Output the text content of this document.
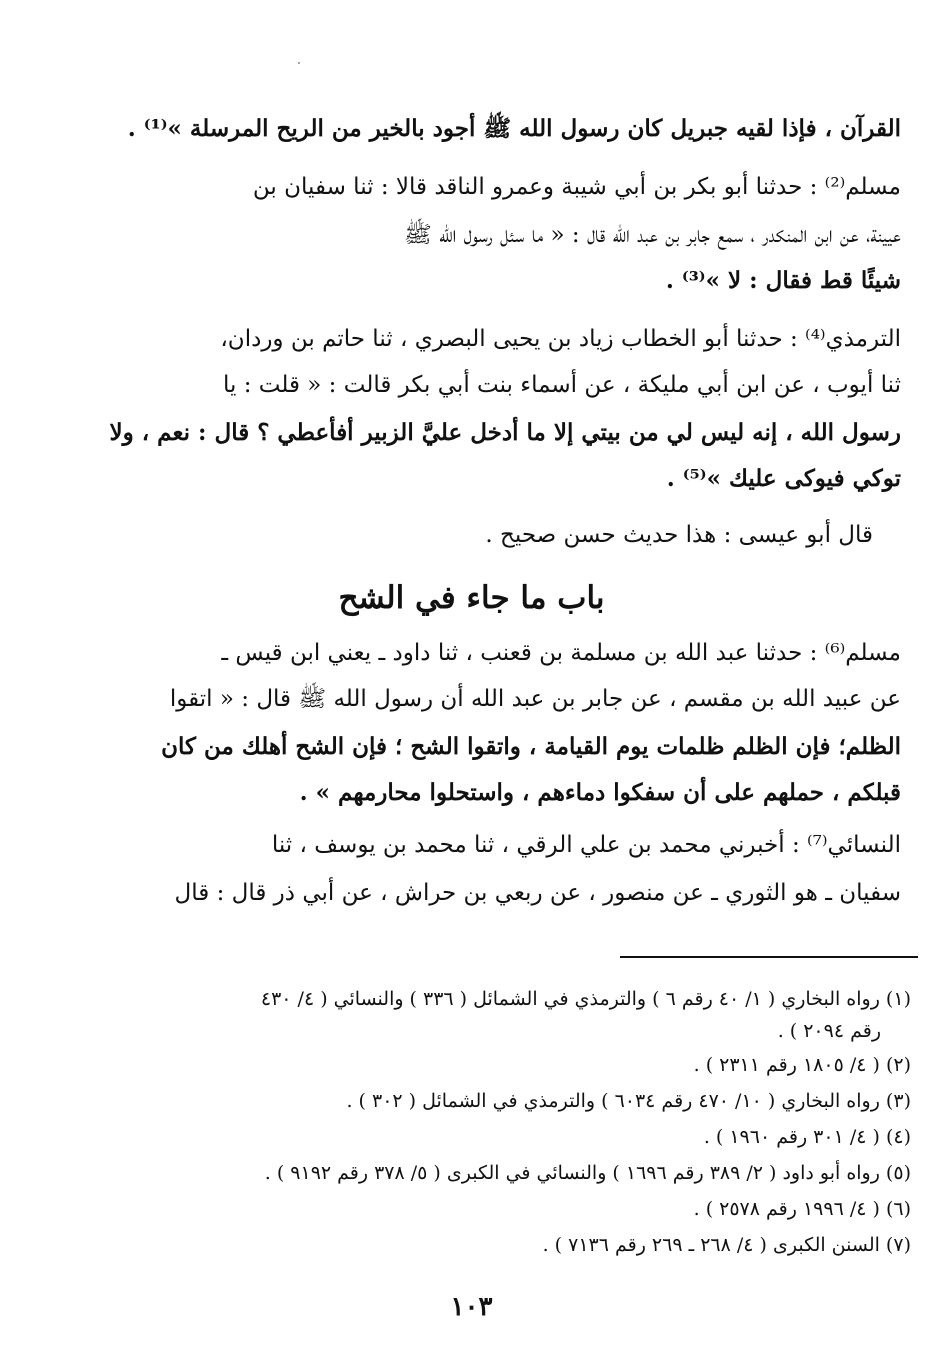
القرآن ، فإذا لقيه جبريل كان رسول الله ﷺ أجود بالخير من الريح المرسلة »⁽¹⁾ .
مسلم⁽²⁾ : حدثنا أبو بكر بن أبي شيبة وعمرو الناقد قالا : ثنا سفيان بن
عيينة، عن ابن المنكدر ، سمع جابر بن عبد الله قال : « ما سئل رسول الله ﷺ
شيئًا قط فقال : لا »⁽³⁾ .
الترمذي⁽⁴⁾ : حدثنا أبو الخطاب زياد بن يحيى البصري ، ثنا حاتم بن وردان،
ثنا أيوب ، عن ابن أبي مليكة ، عن أسماء بنت أبي بكر قالت : « قلت : يا
رسول الله ، إنه ليس لي من بيتي إلا ما أدخل عليَّ الزبير أفأعطي ؟ قال : نعم ، ولا
توكي فيوكى عليك »⁽⁵⁾ .
قال أبو عيسى : هذا حديث حسن صحيح .
باب ما جاء في الشح
مسلم⁽⁶⁾ : حدثنا عبد الله بن مسلمة بن قعنب ، ثنا داود ـ يعني ابن قيس ـ
عن عبيد الله بن مقسم ، عن جابر بن عبد الله أن رسول الله ﷺ قال : « اتقوا
الظلم؛ فإن الظلم ظلمات يوم القيامة ، واتقوا الشح ؛ فإن الشح أهلك من كان
قبلكم ، حملهم على أن سفكوا دماءهم ، واستحلوا محارمهم » .
النسائي⁽⁷⁾ : أخبرني محمد بن علي الرقي ، ثنا محمد بن يوسف ، ثنا
سفيان ـ هو الثوري ـ عن منصور ، عن ربعي بن حراش ، عن أبي ذر قال : قال
(١) رواه البخاري ( ١/ ٤٠ رقم ٦ ) والترمذي في الشمائل ( ٣٣٦ ) والنسائي ( ٤/ ٤٣٠
رقم ٢٠٩٤ ) .
(٢) ( ٤/ ١٨٠٥ رقم ٢٣١١ ) .
(٣) رواه البخاري ( ١٠/ ٤٧٠ رقم ٦٠٣٤ ) والترمذي في الشمائل ( ٣٠٢ ) .
(٤) ( ٤/ ٣٠١ رقم ١٩٦٠ ) .
(٥) رواه أبو داود ( ٢/ ٣٨٩ رقم ١٦٩٦ ) والنسائي في الكبرى ( ٥/ ٣٧٨ رقم ٩١٩٢ ) .
(٦) ( ٤/ ١٩٩٦ رقم ٢٥٧٨ ) .
(٧) السنن الكبرى ( ٤/ ٢٦٨ ـ ٢٦٩ رقم ٧١٣٦ ) .
١٠٣
